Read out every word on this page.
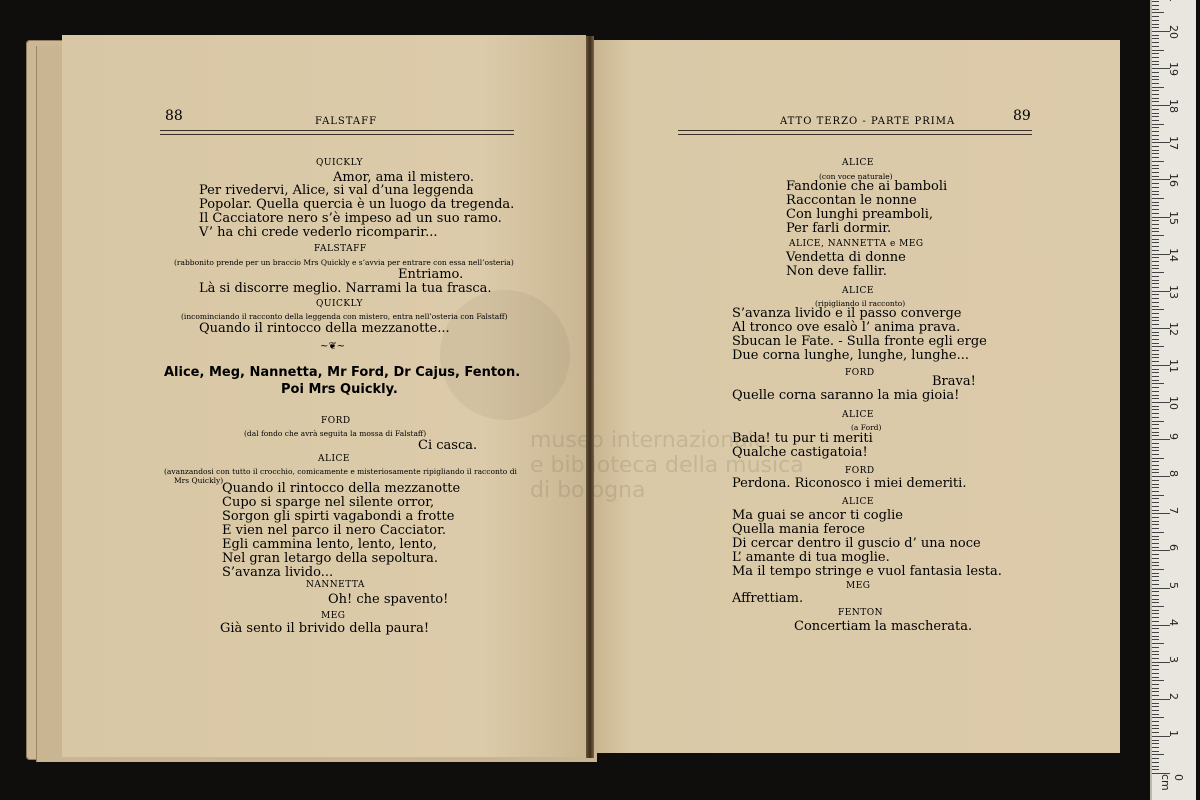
museo internazionale
e biblioteca della musica
di bologna
88	FALSTAFF	ATTO TERZO - PARTE PRIMA	89
QUICKLY
Amor, ama il mistero.
Per rivedervi, Alice, si val d’una leggenda
Popolar. Quella quercia è un luogo da tregenda.
Il Cacciatore nero s’è impeso ad un suo ramo.
V’ ha chi crede vederlo ricomparir...
FALSTAFF
(rabbonito prende per un braccio Mrs Quickly e s’avvia per entrare con essa nell’osteria)
Entriamo.
Là si discorre meglio. Narrami la tua frasca.
QUICKLY
(incominciando il racconto della leggenda con mistero, entra nell’osteria con Falstaff)
Quando il rintocco della mezzanotte...
~❦~
Alice, Meg, Nannetta, Mr Ford, Dr Cajus, Fenton.
Poi Mrs Quickly.
FORD
(dal fondo che avrà seguita la mossa di Falstaff)
Ci casca.
ALICE
(avanzandosi con tutto il crocchio, comicamente e misteriosamente ripigliando il racconto di
Mrs Quickly)
Quando il rintocco della mezzanotte
Cupo si sparge nel silente orror,
Sorgon gli spirti vagabondi a frotte
E vien nel parco il nero Cacciator.
Egli cammina lento, lento, lento,
Nel gran letargo della sepoltura.
S’avanza livido...
NANNETTA
Oh! che spavento!
MEG
Già sento il brivido della paura!
ALICE
(con voce naturale)
Fandonie che ai bamboli
Raccontan le nonne
Con lunghi preamboli,
Per farli dormir.
ALICE, NANNETTA e MEG
Vendetta di donne
Non deve fallir.
ALICE
(ripigliando il racconto)
S’avanza livido e il passo converge
Al tronco ove esalò l’ anima prava.
Sbucan le Fate. - Sulla fronte egli erge
Due corna lunghe, lunghe, lunghe...
FORD
Brava!
Quelle corna saranno la mia gioia!
ALICE
(a Ford)
Bada! tu pur ti meriti
Qualche castigatoia!
FORD
Perdona. Riconosco i miei demeriti.
ALICE
Ma guai se ancor ti coglie
Quella mania feroce
Di cercar dentro il guscio d’ una noce
L’ amante di tua moglie.
Ma il tempo stringe e vuol fantasia lesta.
MEG
Affrettiam.
FENTON
Concertiam la mascherata.
0 cm
1
2
3
4
5
6
7
8
9
10
11
12
13
14
15
16
17
18
19
20
